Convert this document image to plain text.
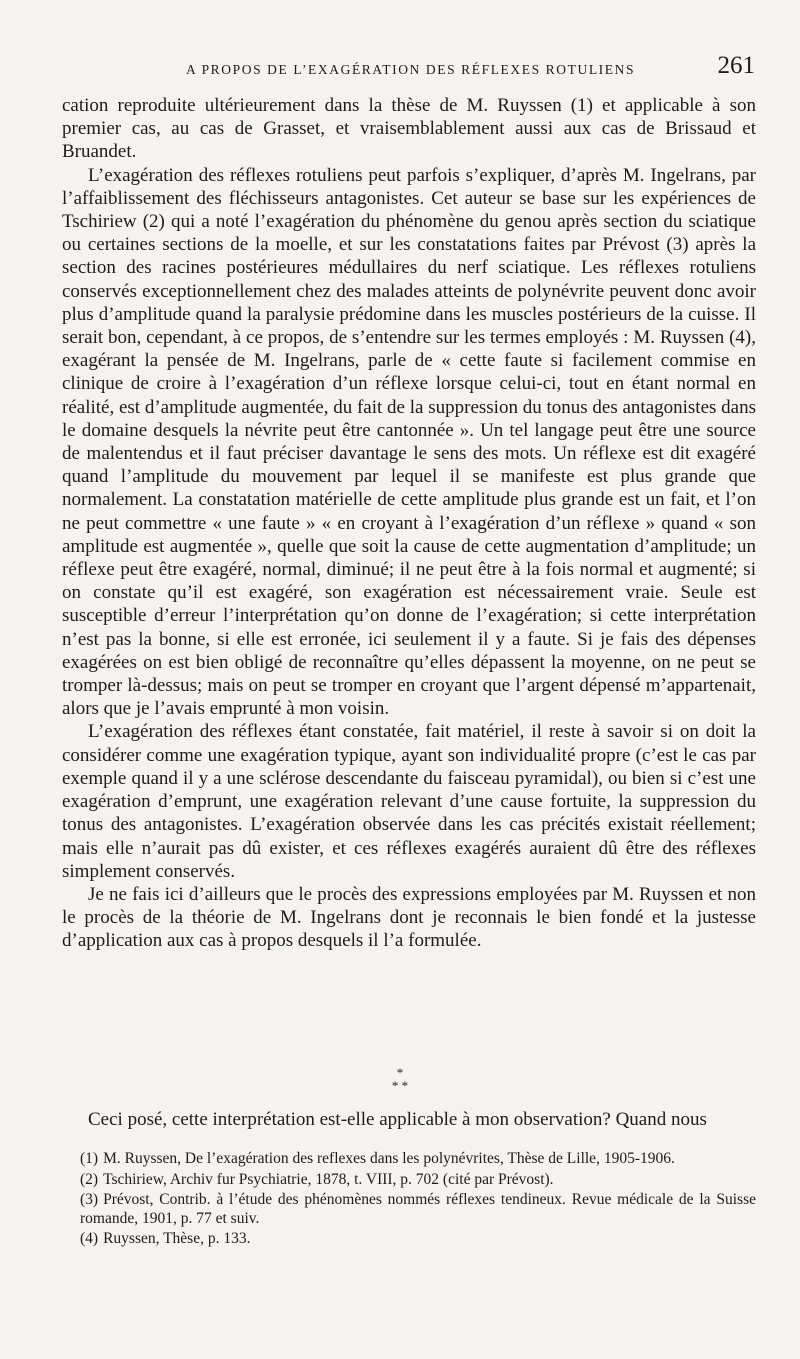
A PROPOS DE L’EXAGÉRATION DES RÉFLEXES ROTULIENS	261

cation reproduite ultérieurement dans la thèse de M. Ruyssen (1) et applicable à son premier cas, au cas de Grasset, et vraisemblablement aussi aux cas de Brissaud et Bruandet.

L’exagération des réflexes rotuliens peut parfois s’expliquer, d’après M. Ingelrans, par l’affaiblissement des fléchisseurs antagonistes. Cet auteur se base sur les expériences de Tschiriew (2) qui a noté l’exagération du phénomène du genou après section du sciatique ou certaines sections de la moelle, et sur les constatations faites par Prévost (3) après la section des racines postérieures médullaires du nerf sciatique. Les réflexes rotuliens conservés exceptionnellement chez des malades atteints de polynévrite peuvent donc avoir plus d’amplitude quand la paralysie prédomine dans les muscles postérieurs de la cuisse. Il serait bon, cependant, à ce propos, de s’entendre sur les termes employés : M. Ruyssen (4), exagérant la pensée de M. Ingelrans, parle de « cette faute si facilement commise en clinique de croire à l’exagération d’un réflexe lorsque celui-ci, tout en étant normal en réalité, est d’amplitude augmentée, du fait de la suppression du tonus des antagonistes dans le domaine desquels la névrite peut être cantonnée ». Un tel langage peut être une source de malentendus et il faut préciser davantage le sens des mots. Un réflexe est dit exagéré quand l’amplitude du mouvement par lequel il se manifeste est plus grande que normalement. La constatation matérielle de cette amplitude plus grande est un fait, et l’on ne peut commettre « une faute » « en croyant à l’exagération d’un réflexe » quand « son amplitude est augmentée », quelle que soit la cause de cette augmentation d’amplitude; un réflexe peut être exagéré, normal, diminué; il ne peut être à la fois normal et augmenté; si on constate qu’il est exagéré, son exagération est nécessairement vraie. Seule est susceptible d’erreur l’interprétation qu’on donne de l’exagération; si cette interprétation n’est pas la bonne, si elle est erronée, ici seulement il y a faute. Si je fais des dépenses exagérées on est bien obligé de reconnaître qu’elles dépassent la moyenne, on ne peut se tromper là-dessus; mais on peut se tromper en croyant que l’argent dépensé m’appartenait, alors que je l’avais emprunté à mon voisin.

L’exagération des réflexes étant constatée, fait matériel, il reste à savoir si on doit la considérer comme une exagération typique, ayant son individualité propre (c’est le cas par exemple quand il y a une sclérose descendante du faisceau pyramidal), ou bien si c’est une exagération d’emprunt, une exagération relevant d’une cause fortuite, la suppression du tonus des antagonistes. L’exagération observée dans les cas précités existait réellement; mais elle n’aurait pas dû exister, et ces réflexes exagérés auraient dû être des réflexes simplement conservés.

Je ne fais ici d’ailleurs que le procès des expressions employées par M. Ruyssen et non le procès de la théorie de M. Ingelrans dont je reconnais le bien fondé et la justesse d’application aux cas à propos desquels il l’a formulée.

*
* *

Ceci posé, cette interprétation est-elle applicable à mon observation? Quand nous

(1) M. Ruyssen, De l’exagération des reflexes dans les polynévrites, Thèse de Lille, 1905-1906.

(2) Tschiriew, Archiv fur Psychiatrie, 1878, t. VIII, p. 702 (cité par Prévost).

(3) Prévost, Contrib. à l’étude des phénomènes nommés réflexes tendineux. Revue médicale de la Suisse romande, 1901, p. 77 et suiv.

(4) Ruyssen, Thèse, p. 133.
